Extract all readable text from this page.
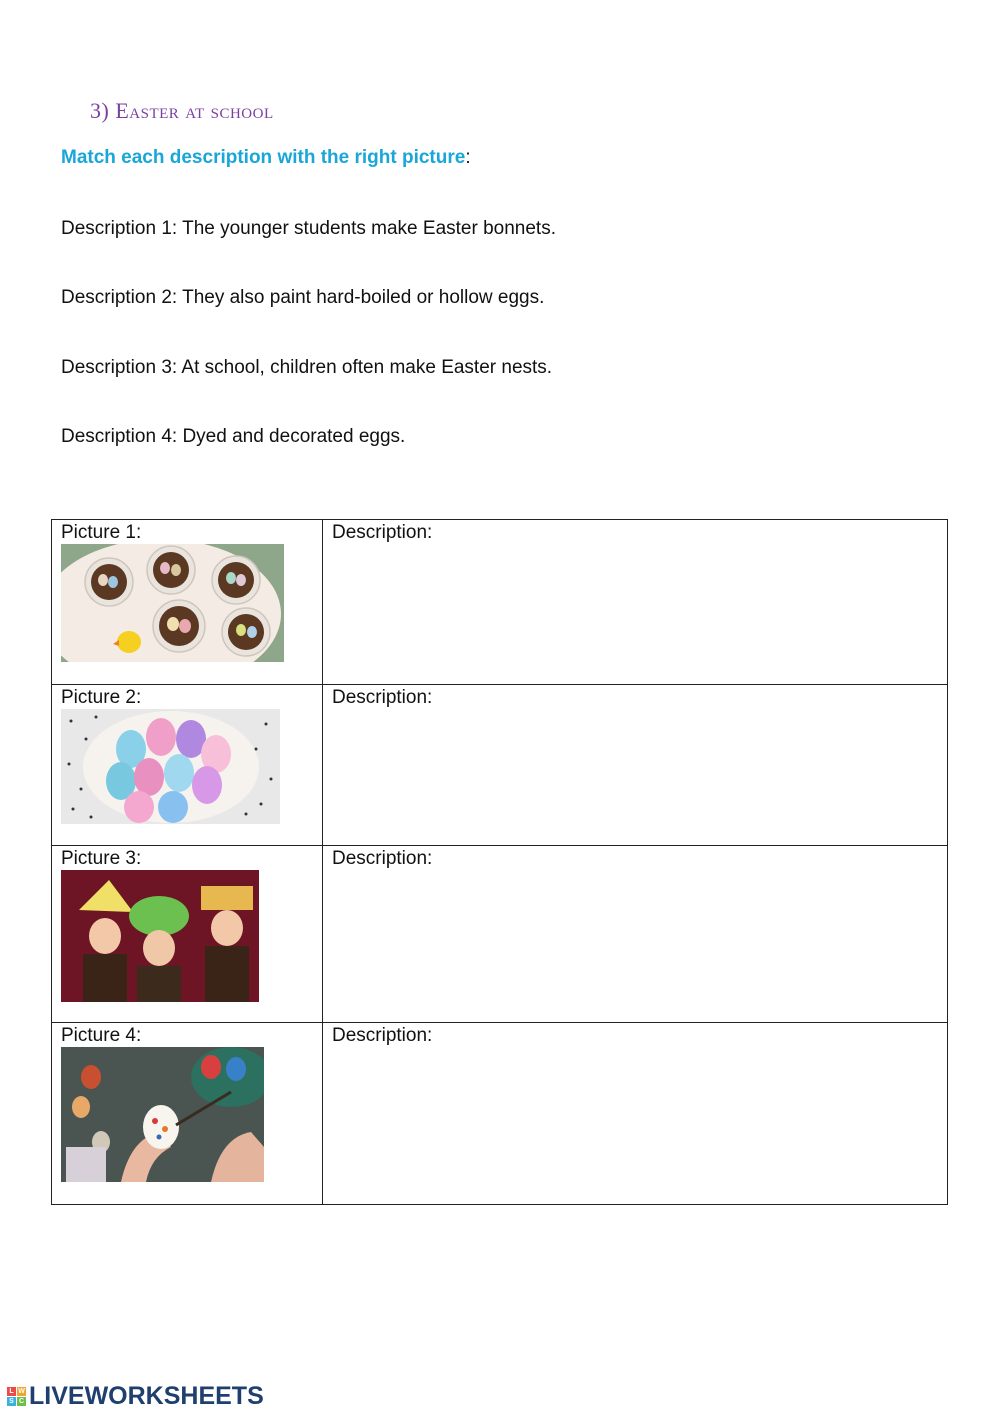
3) Easter at school
Match each description with the right picture:
Description 1: The younger students make Easter bonnets.
Description 2: They also paint hard-boiled or hollow eggs.
Description 3: At school, children often make Easter nests.
Description 4: Dyed and decorated eggs.
Picture 1:	Description:

Picture 2:	Description:

Picture 3:	Description:

Picture 4:	Description:
L W
S C LIVEWORKSHEETS
